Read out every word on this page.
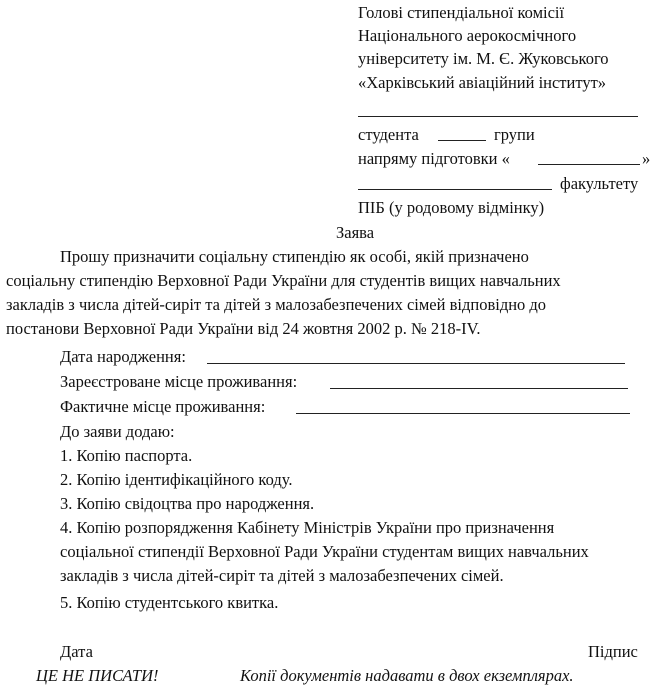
Голові стипендіальної комісії
Національного аерокосмічного
університету ім. М. Є. Жуковського
«Харківський авіаційний інститут»
студента	групи
напряму підготовки «	»
факультету
ПІБ (у родовому відмінку)
Заява
Прошу призначити соціальну стипендію як особі, якій призначено
соціальну стипендію Верховної Ради України для студентів вищих навчальних
закладів з числа дітей-сиріт та дітей з малозабезпечених сімей відповідно до
постанови Верховної Ради України від 24 жовтня 2002 р. № 218-IV.
Дата народження:
Зареєстроване місце проживання:
Фактичне місце проживання:
До заяви додаю:
1. Копію паспорта.
2. Копію ідентифікаційного коду.
3. Копію свідоцтва про народження.
4. Копію розпорядження Кабінету Міністрів України про призначення
соціальної стипендії Верховної Ради України студентам вищих навчальних
закладів з числа дітей-сиріт та дітей з малозабезпечених сімей.
5. Копію студентського квитка.
Дата	Підпис
ЦЕ НЕ ПИСАТИ!	Копії документів надавати в двох екземплярах.
